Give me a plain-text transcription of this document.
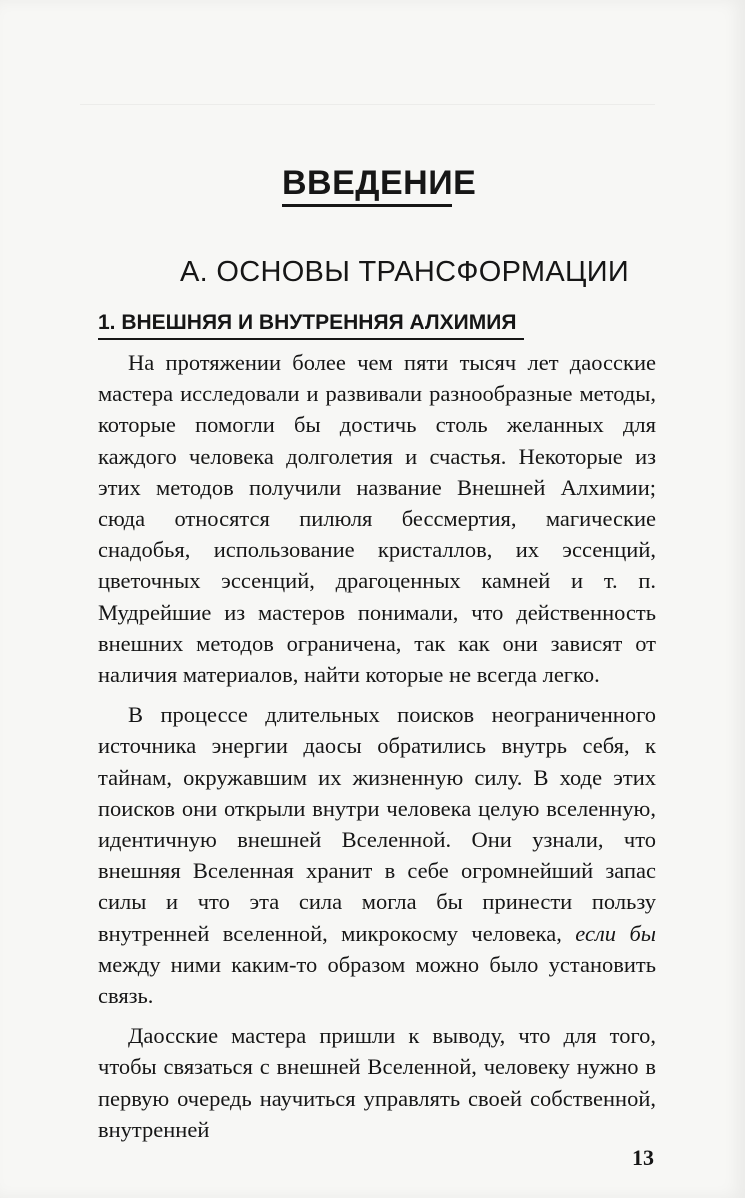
ВВЕДЕНИЕ
А. ОСНОВЫ ТРАНСФОРМАЦИИ
1. ВНЕШНЯЯ И ВНУТРЕННЯЯ АЛХИМИЯ

На протяжении более чем пяти тысяч лет даосские мастера исследовали и развивали разнообразные методы, которые помогли бы достичь столь желанных для каждого человека долголетия и счастья. Некоторые из этих методов получили название Внешней Алхимии; сюда относятся пилюля бессмертия, магические снадобья, использование кристаллов, их эссенций, цветочных эссенций, драгоценных камней и т. п. Мудрейшие из мастеров понимали, что действенность внешних методов ограничена, так как они зависят от наличия материалов, найти которые не всегда легко.

В процессе длительных поисков неограниченного источника энергии даосы обратились внутрь себя, к тайнам, окружавшим их жизненную силу. В ходе этих поисков они открыли внутри человека целую вселенную, идентичную внешней Вселенной. Они узнали, что внешняя Вселенная хранит в себе огромнейший запас силы и что эта сила могла бы принести пользу внутренней вселенной, микрокосму человека, если бы между ними каким-то образом можно было установить связь.

Даосские мастера пришли к выводу, что для того, чтобы связаться с внешней Вселенной, человеку нужно в первую очередь научиться управлять своей собственной, внутренней

13
